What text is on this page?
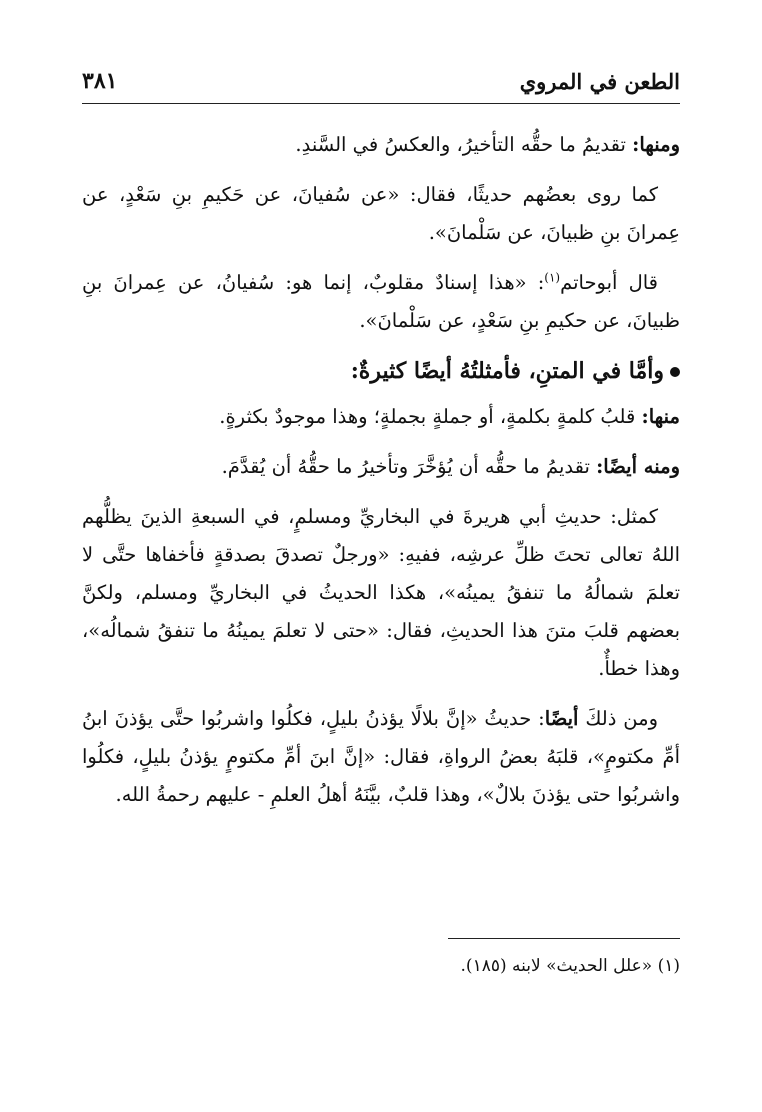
الطعن في المروي
٣٨١

ومنها: تقديمُ ما حقُّه التأخيرُ، والعكسُ في السَّندِ.

كما روى بعضُهم حديثًا، فقال: «عن سُفيانَ، عن حَكيمِ بنِ سَعْدٍ، عن عِمرانَ بنِ ظبيانَ، عن سَلْمانَ».

قال أبوحاتم$^{(١)}$: «هذا إسنادٌ مقلوبٌ، إنما هو: سُفيانُ، عن عِمرانَ بنِ ظبيانَ، عن حكيمِ بنِ سَعْدٍ، عن سَلْمانَ».

وأمَّا في المتنِ، فأمثلتُهُ أيضًا كثيرةٌ:

منها: قلبُ كلمةٍ بكلمةٍ، أو جملةٍ بجملةٍ؛ وهذا موجودٌ بكثرةٍ.

ومنه أيضًا: تقديمُ ما حقُّه أن يُؤخَّرَ وتأخيرُ ما حقُّهُ أن يُقدَّمَ.

كمثل: حديثِ أبي هريرةَ في البخاريِّ ومسلمٍ، في السبعةِ الذينَ يظلُّهم اللهُ تعالى تحتَ ظلِّ عرشِه، ففيهِ: «ورجلٌ تصدقَ بصدقةٍ فأخفاها حتَّى لا تعلمَ شمالُهُ ما تنفقُ يمينُه»، هكذا الحديثُ في البخاريِّ ومسلم، ولكنَّ بعضهم قلبَ متنَ هذا الحديثِ، فقال: «حتى لا تعلمَ يمينُهُ ما تنفقُ شمالُه»، وهذا خطأٌ.

ومن ذلكَ أيضًا: حديثُ «إنَّ بلالًا يؤذنُ بليلٍ، فكلُوا واشربُوا حتَّى يؤذنَ ابنُ أمِّ مكتومٍ»، قلبَهُ بعضُ الرواةِ، فقال: «إنَّ ابنَ أمِّ مكتومٍ يؤذنُ بليلٍ، فكلُوا واشربُوا حتى يؤذنَ بلالٌ»، وهذا قلبٌ، بيَّنَهُ أهلُ العلمِ - عليهم رحمةُ الله.

(١) «علل الحديث» لابنه (١٨٥).
